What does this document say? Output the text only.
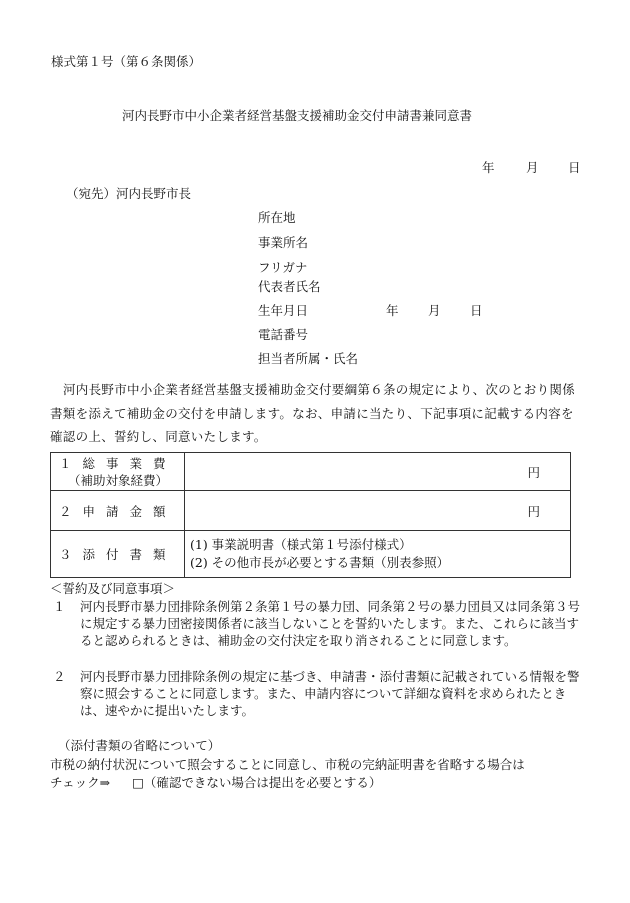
様式第１号（第６条関係）
河内長野市中小企業者経営基盤支援補助金交付申請書兼同意書
年	月 日
（宛先）河内長野市長
所在地
事業所名
フリガナ
代表者氏名
生年月日	年 月 日
電話番号
担当者所属・氏名
河内長野市中小企業者経営基盤支援補助金交付要綱第６条の規定により、次のとおり関係書類を添えて補助金の交付を申請します。なお、申請に当たり、下記事項に記載する内容を確認の上、誓約し、同意いたします。
１ 総事業費
（補助対象経費）	円

２ 申請金額	円

３ 添付書類	(1) 事業説明書（様式第１号添付様式）
(2) その他市長が必要とする書類（別表参照）
＜誓約及び同意事項＞
１	河内長野市暴力団排除条例第２条第１号の暴力団、同条第２号の暴力団員又は同条第３号に規定する暴力団密接関係者に該当しないことを誓約いたします。また、これらに該当すると認められるときは、補助金の交付決定を取り消されることに同意します。
２	河内長野市暴力団排除条例の規定に基づき、申請書・添付書類に記載されている情報を警察に照会することに同意します。また、申請内容について詳細な資料を求められたときは、速やかに提出いたします。
（添付書類の省略について）
市税の納付状況について照会することに同意し、市税の完納証明書を省略する場合は
チェック⇒ □（確認できない場合は提出を必要とする）
